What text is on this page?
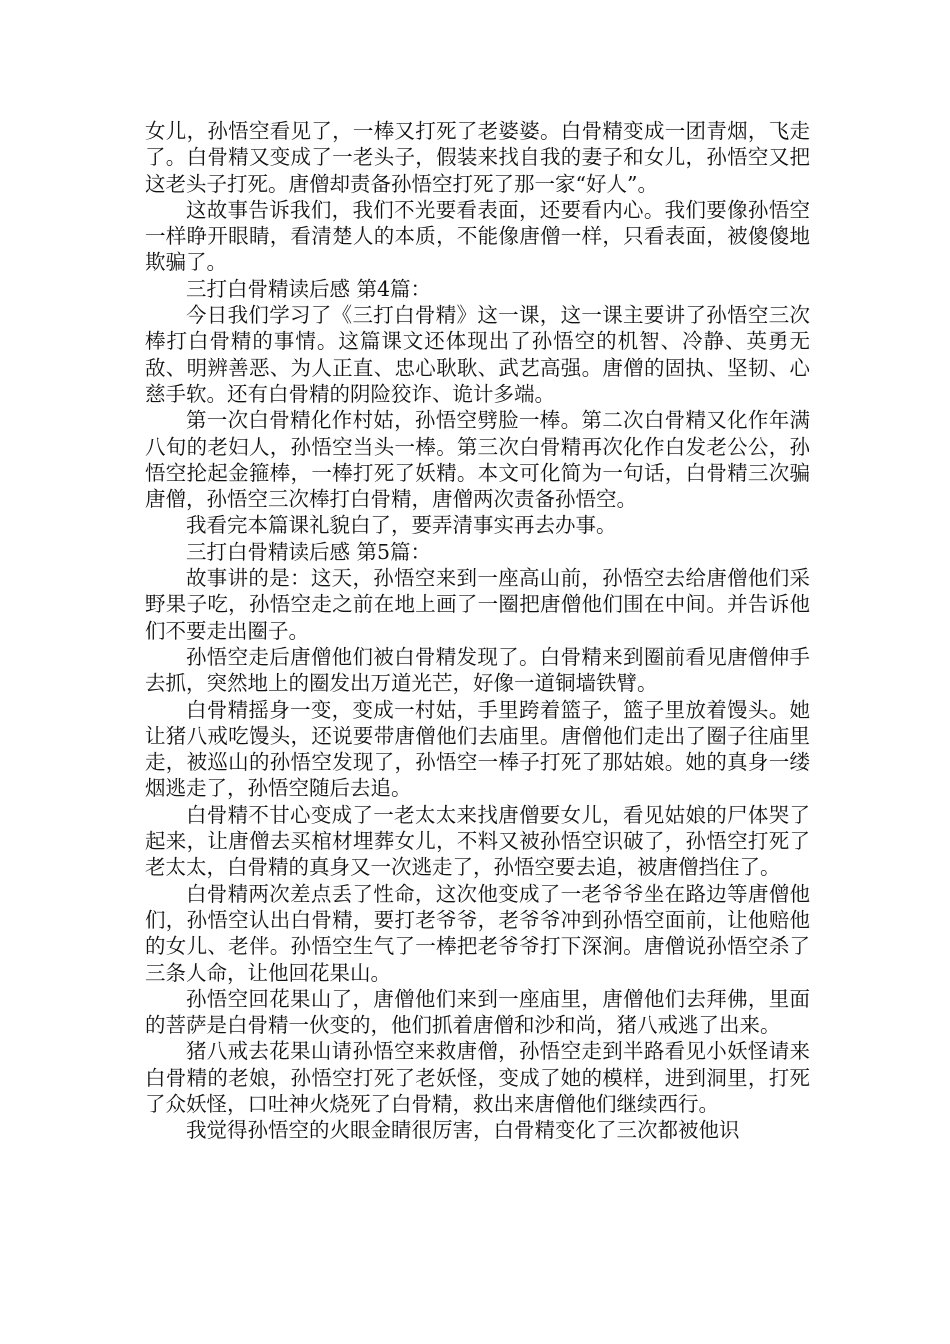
女儿，孙悟空看见了，一棒又打死了老婆婆。白骨精变成一团青烟，飞走了。白骨精又变成了一老头子，假装来找自我的妻子和女儿，孙悟空又把这老头子打死。唐僧却责备孙悟空打死了那一家“好人”。

这故事告诉我们，我们不光要看表面，还要看内心。我们要像孙悟空一样睁开眼睛，看清楚人的本质，不能像唐僧一样，只看表面，被傻傻地欺骗了。

三打白骨精读后感 第4篇：

今日我们学习了《三打白骨精》这一课，这一课主要讲了孙悟空三次棒打白骨精的事情。这篇课文还体现出了孙悟空的机智、冷静、英勇无敌、明辨善恶、为人正直、忠心耿耿、武艺高强。唐僧的固执、坚韧、心慈手软。还有白骨精的阴险狡诈、诡计多端。

第一次白骨精化作村姑，孙悟空劈脸一棒。第二次白骨精又化作年满八旬的老妇人，孙悟空当头一棒。第三次白骨精再次化作白发老公公，孙悟空抡起金箍棒，一棒打死了妖精。本文可化简为一句话，白骨精三次骗唐僧，孙悟空三次棒打白骨精，唐僧两次责备孙悟空。

我看完本篇课礼貌白了，要弄清事实再去办事。

三打白骨精读后感 第5篇：

故事讲的是：这天，孙悟空来到一座高山前，孙悟空去给唐僧他们采野果子吃，孙悟空走之前在地上画了一圈把唐僧他们围在中间。并告诉他们不要走出圈子。

孙悟空走后唐僧他们被白骨精发现了。白骨精来到圈前看见唐僧伸手去抓，突然地上的圈发出万道光芒，好像一道铜墙铁臂。

白骨精摇身一变，变成一村姑，手里跨着篮子，篮子里放着馒头。她让猪八戒吃馒头，还说要带唐僧他们去庙里。唐僧他们走出了圈子往庙里走，被巡山的孙悟空发现了，孙悟空一棒子打死了那姑娘。她的真身一缕烟逃走了，孙悟空随后去追。

白骨精不甘心变成了一老太太来找唐僧要女儿，看见姑娘的尸体哭了起来，让唐僧去买棺材埋葬女儿，不料又被孙悟空识破了，孙悟空打死了老太太，白骨精的真身又一次逃走了，孙悟空要去追，被唐僧挡住了。

白骨精两次差点丢了性命，这次他变成了一老爷爷坐在路边等唐僧他们，孙悟空认出白骨精，要打老爷爷，老爷爷冲到孙悟空面前，让他赔他的女儿、老伴。孙悟空生气了一棒把老爷爷打下深涧。唐僧说孙悟空杀了三条人命，让他回花果山。

孙悟空回花果山了，唐僧他们来到一座庙里，唐僧他们去拜佛，里面的菩萨是白骨精一伙变的，他们抓着唐僧和沙和尚，猪八戒逃了出来。

猪八戒去花果山请孙悟空来救唐僧，孙悟空走到半路看见小妖怪请来白骨精的老娘，孙悟空打死了老妖怪，变成了她的模样，进到洞里，打死了众妖怪，口吐神火烧死了白骨精，救出来唐僧他们继续西行。

我觉得孙悟空的火眼金睛很厉害，白骨精变化了三次都被他识
